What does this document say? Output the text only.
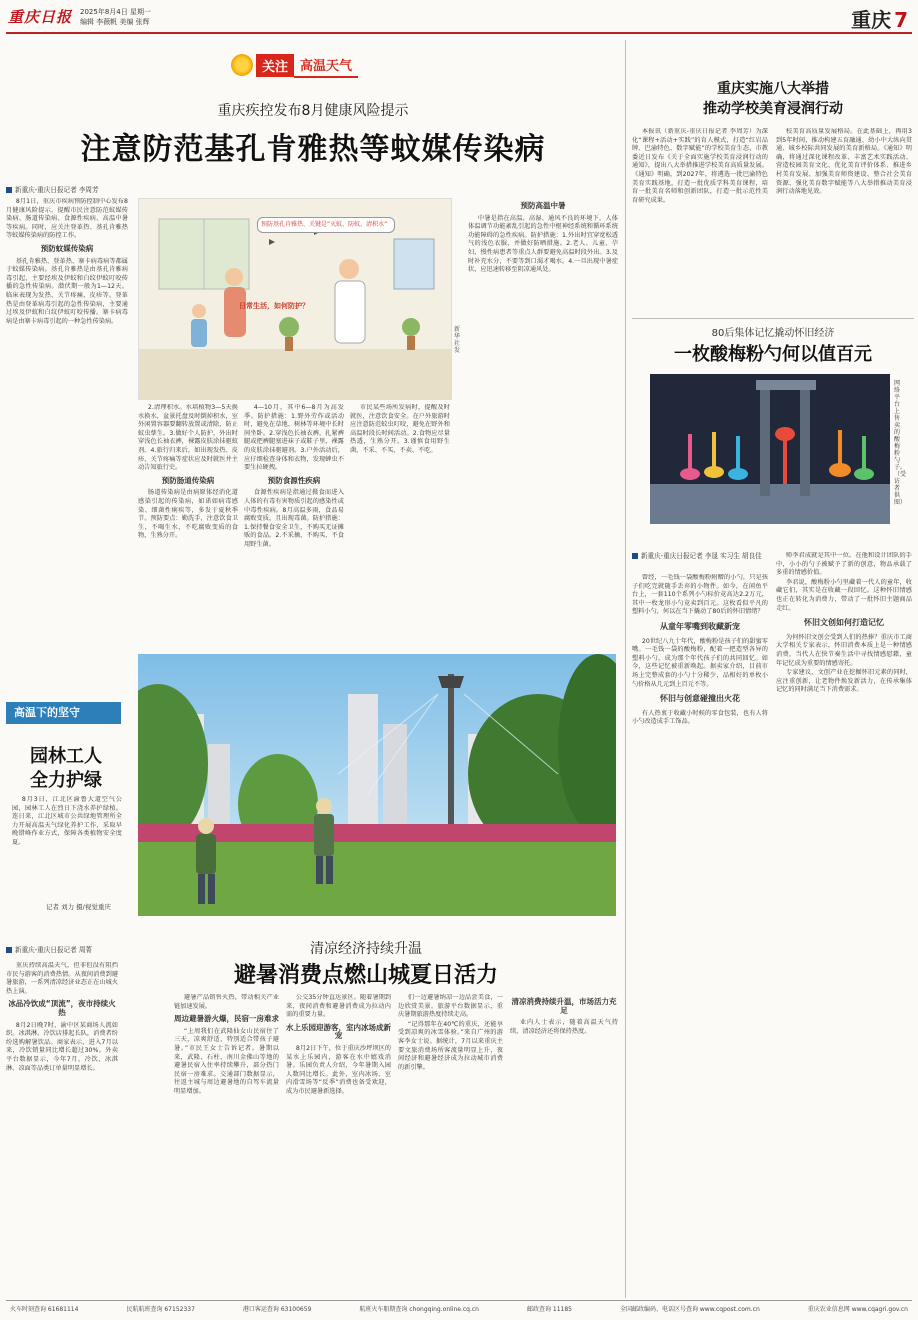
重庆日报 2025年8月4日 星期一
编辑 李薇帆 美编 张辉	重庆 7
关注 高温天气
重庆疾控发布8月健康风险提示
注意防范基孔肯雅热等蚊媒传染病
新重庆-重庆日报记者 李周芳

8月1日，重庆市疾病预防控制中心发布8月健康风险提示，提醒市民注意防范蚊媒传染病、肠道传染病、食源性疾病、高温中暑等疾病。同时，应关注登革热、基孔肯雅热等蚊媒传染病的防控工作。

预防蚊媒传染病

基孔肯雅热、登革热、寨卡病毒病等都属于蚊媒传染病。基孔肯雅热是由基孔肯雅病毒引起，主要经埃及伊蚊和白纹伊蚊叮咬传播的急性传染病。潜伏期一般为1—12天。临床表现为发热、关节疼痛、皮疹等。登革热是由登革病毒引起的急性传染病，主要通过埃及伊蚊和白纹伊蚊叮咬传播。寨卡病毒病是由寨卡病毒引起的一种急性传染病。

预防基孔肯雅热、关键是“灭蚊、防蚊、清积水”
日常生活，如何防护？
新华社发

2.清理积水。水培植物3—5天换水换水，盆景托盘及时倒掉积水，室外闲置容器要翻转放置或清除，防止蚊虫孳生。3.做好个人防护，外出时穿浅色长袖衣裤，裸露皮肤涂抹驱蚊剂。4.旅行归来后，如出现发热、皮疹、关节疼痛等症状应及时就医并主动告知旅行史。

预防肠道传染病

肠道传染病是由病原体经消化道感染引起的传染病，如诺如病毒感染、细菌性痢疾等，多发于夏秋季节。预防要点：勤洗手，注意饮食卫生，不喝生水，不吃腐败变质的食物，生熟分开。

4—10月，其中6—8月为高发季。防护措施：1.野外劳作或活动时，避免在草地、树林等环境中长时间坐卧。2.穿浅色长袖衣裤，扎紧裤腿或把裤腿塞进袜子或鞋子里，裸露的皮肤涂抹驱避剂。3.户外活动后，应仔细检查身体和衣物，发现蜱虫不要生拉硬拽。

预防食源性疾病

食源性疾病是指通过摄食而进入人体的有毒有害物质引起的感染性或中毒性疾病。8月高温多雨，食品易腐败变质，且出现毒菌。防护措施：1.保持餐食安全卫生，不购买无证摊贩的食品。2.不采摘、不购买、不食用野生菌。

市民某些场所发病时，提醒及时就医，注意饮食安全。在户外旅游时应注意防范蚊虫叮咬，避免在野外和高温时段长时间活动。2.食物应尽量热透，生熟分开。3.谨慎食用野生菌，不采、不买、不卖、不吃。

预防高温中暑

中暑是指在高温、高湿、通风不良的环境下，人体体温调节功能紊乱引起的急性中枢神经系统和循环系统功能障碍的急性疾病。防护措施：1.外出时宜穿宽松透气的浅色衣服，并做好防晒措施。2.老人、儿童、孕妇、慢性病患者等重点人群要避免高温时段外出。3.及时补充水分，不要等到口渴才喝水。4.一旦出现中暑症状，应迅速转移至阴凉通风处。

高温下的坚守
园林工人
全力护绿

8月3日，江北区渝鲁大道空气公园，园林工人在烈日下浇水养护绿植。连日来，江北区城市公共绿地管理所全力开展高温天气绿化养护工作，采取早晚错峰作业方式，保障各类植物安全度夏。

记者 刘力 摄/视觉重庆
新重庆-重庆日报记者 周菁	清凉经济持续升温
避暑消费点燃山城夏日活力

重庆持续高温天气，但非但没有阻挡市民与游客的消费热情。从夜间消费到避暑旅游，一系列清凉经济业态正在山城火热上演。

冰品冷饮成“顶流”，夜市持续火热

8月2日晚7时，渝中区某商场人流如织。冰淇淋、冷饮店排起长队，消费者纷纷选购解暑饮品。商家表示，进入7月以来，冷饮销量同比增长超过30%。外卖平台数据显示，今年7月，冷饮、冰淇淋、凉面等品类订单量明显增长。

避暑产品销售火热，带动相关产业链加速发展。

周边避暑游火爆，民宿一房难求

“上周我们在武隆仙女山民宿住了三天，凉爽舒适，特别适合带孩子避暑。”市民王女士告诉记者。暑期以来，武隆、石柱、南川金佛山等地的避暑民宿入住率持续攀升，部分热门民宿一房难求。交通部门数据显示，往返主城与周边避暑地的自驾车流量明显增加。

公交35分钟直达景区。随着暑期到来，夜间消费和避暑消费成为拉动内需的重要力量。

水上乐园迎游客，室内冰场成新宠

8月2日下午，位于重庆沙坪坝区的某水上乐园内，游客在水中嬉戏消暑。乐园负责人介绍，今年暑期入园人数同比增长。此外，室内冰场、室内滑雪场等“反季”消费也备受欢迎，成为市民避暑新选择。

们一边避暑纳凉一边品尝美食，一边欣赏美景。旅游平台数据显示，重庆暑期旅游热度持续走高。

“记得那年在40℃的重庆，还能享受到凉爽的冰雪体验。”来自广州的游客李女士说。据统计，7月以来重庆主要文旅消费场所客流量明显上升，夜间经济和避暑经济成为拉动城市消费的新引擎。

清凉消费持续升温，市场活力充足

业内人士表示，随着高温天气持续，清凉经济还将保持热度。

重庆实施八大举措
推动学校美育浸润行动

本报讯（新重庆-重庆日报记者 李周芳）为深化“课程+活动+实践”的育人模式，打造“红岩品牌、巴渝特色、数字赋能”的学校美育生态，市教委近日发布《关于全面实施学校美育浸润行动的通知》，提出八大举措推进学校美育高质量发展。《通知》明确，到2027年，将遴选一批巴渝特色美育实践基地，打造一批优质学科美育课程，培育一批美育名师和创新团队，打造一批示范性美育研究成果。

校美育高质量发展格局。在此基础上，再用3到5年时间，推动构建五育融通、幼小中大纵向贯通、城乡校际共同发展的美育新格局。《通知》明确，将通过深化课程改革、丰富艺术实践活动、营造校园美育文化、优化美育评价体系、推进乡村美育发展、加强美育师资建设、整合社会美育资源、强化美育数字赋能等八大举措推动美育浸润行动落地见效。

80后集体记忆撬动怀旧经济
一枚酸梅粉勺何以值百元
网络平台上售卖的酸梅粉勺子。（受访者供图）
新重庆-重庆日报记者 李晟 实习生 胡良佳

曾经，一毛钱一袋酸梅粉附赠的小勺，只是孩子们吃完就随手丢弃的小物件。如今，在闲鱼平台上，一套110个系列小勺标价竟高达2.2万元，其中一枚龙形小勺竟卖到百元。这枚看似平凡的塑料小勺，何以在当下撬动了80后的怀旧情绪？

从童年零嘴到收藏新宠

20世纪八九十年代，酸梅粉是孩子们的甜蜜零嘴。一毛钱一袋的酸梅粉，配着一把造型各异的塑料小勺，成为那个年代孩子们的共同回忆。如今，这些记忆被重新唤起。据卖家介绍，目前市场上完整成套的小勺十分稀少，品相好的单枚小勺价格从几元到上百元不等。

怀旧与创意碰撞出火花

有人热衷于收藏小时候的零食包装，也有人将小勺改造成手工饰品。

师李君成就是其中一位。在他和设计团队的手中，小小的勺子被赋予了新的创意，物品承载了多重的情感价值。

李君说，酸梅粉小勺里藏着一代人的童年，收藏它们，其实是在收藏一段回忆。这种怀旧情感也正在转化为消费力，带动了一批怀旧主题商品走红。

怀旧文创如何打造记忆

为何怀旧文创会受到人们的热捧？重庆市工商大学相关专家表示，怀旧消费本质上是一种情感消费，当代人在快节奏生活中寻找情感慰藉，童年记忆成为重要的情感寄托。

专家建议，文创产业在挖掘怀旧元素的同时，应注重创新，让老物件焕发新活力，在传承集体记忆的同时满足当下消费需求。

火车时刻查询 61681114	民航航班查询 67152337	港口客运查询 63100659	航班火车船期查询 chongqing.online.cq.cn	邮政查询 11185	全国邮政编码、电话区号查询 www.cqpost.com.cn	重庆农业信息网 www.cqagri.gov.cn
